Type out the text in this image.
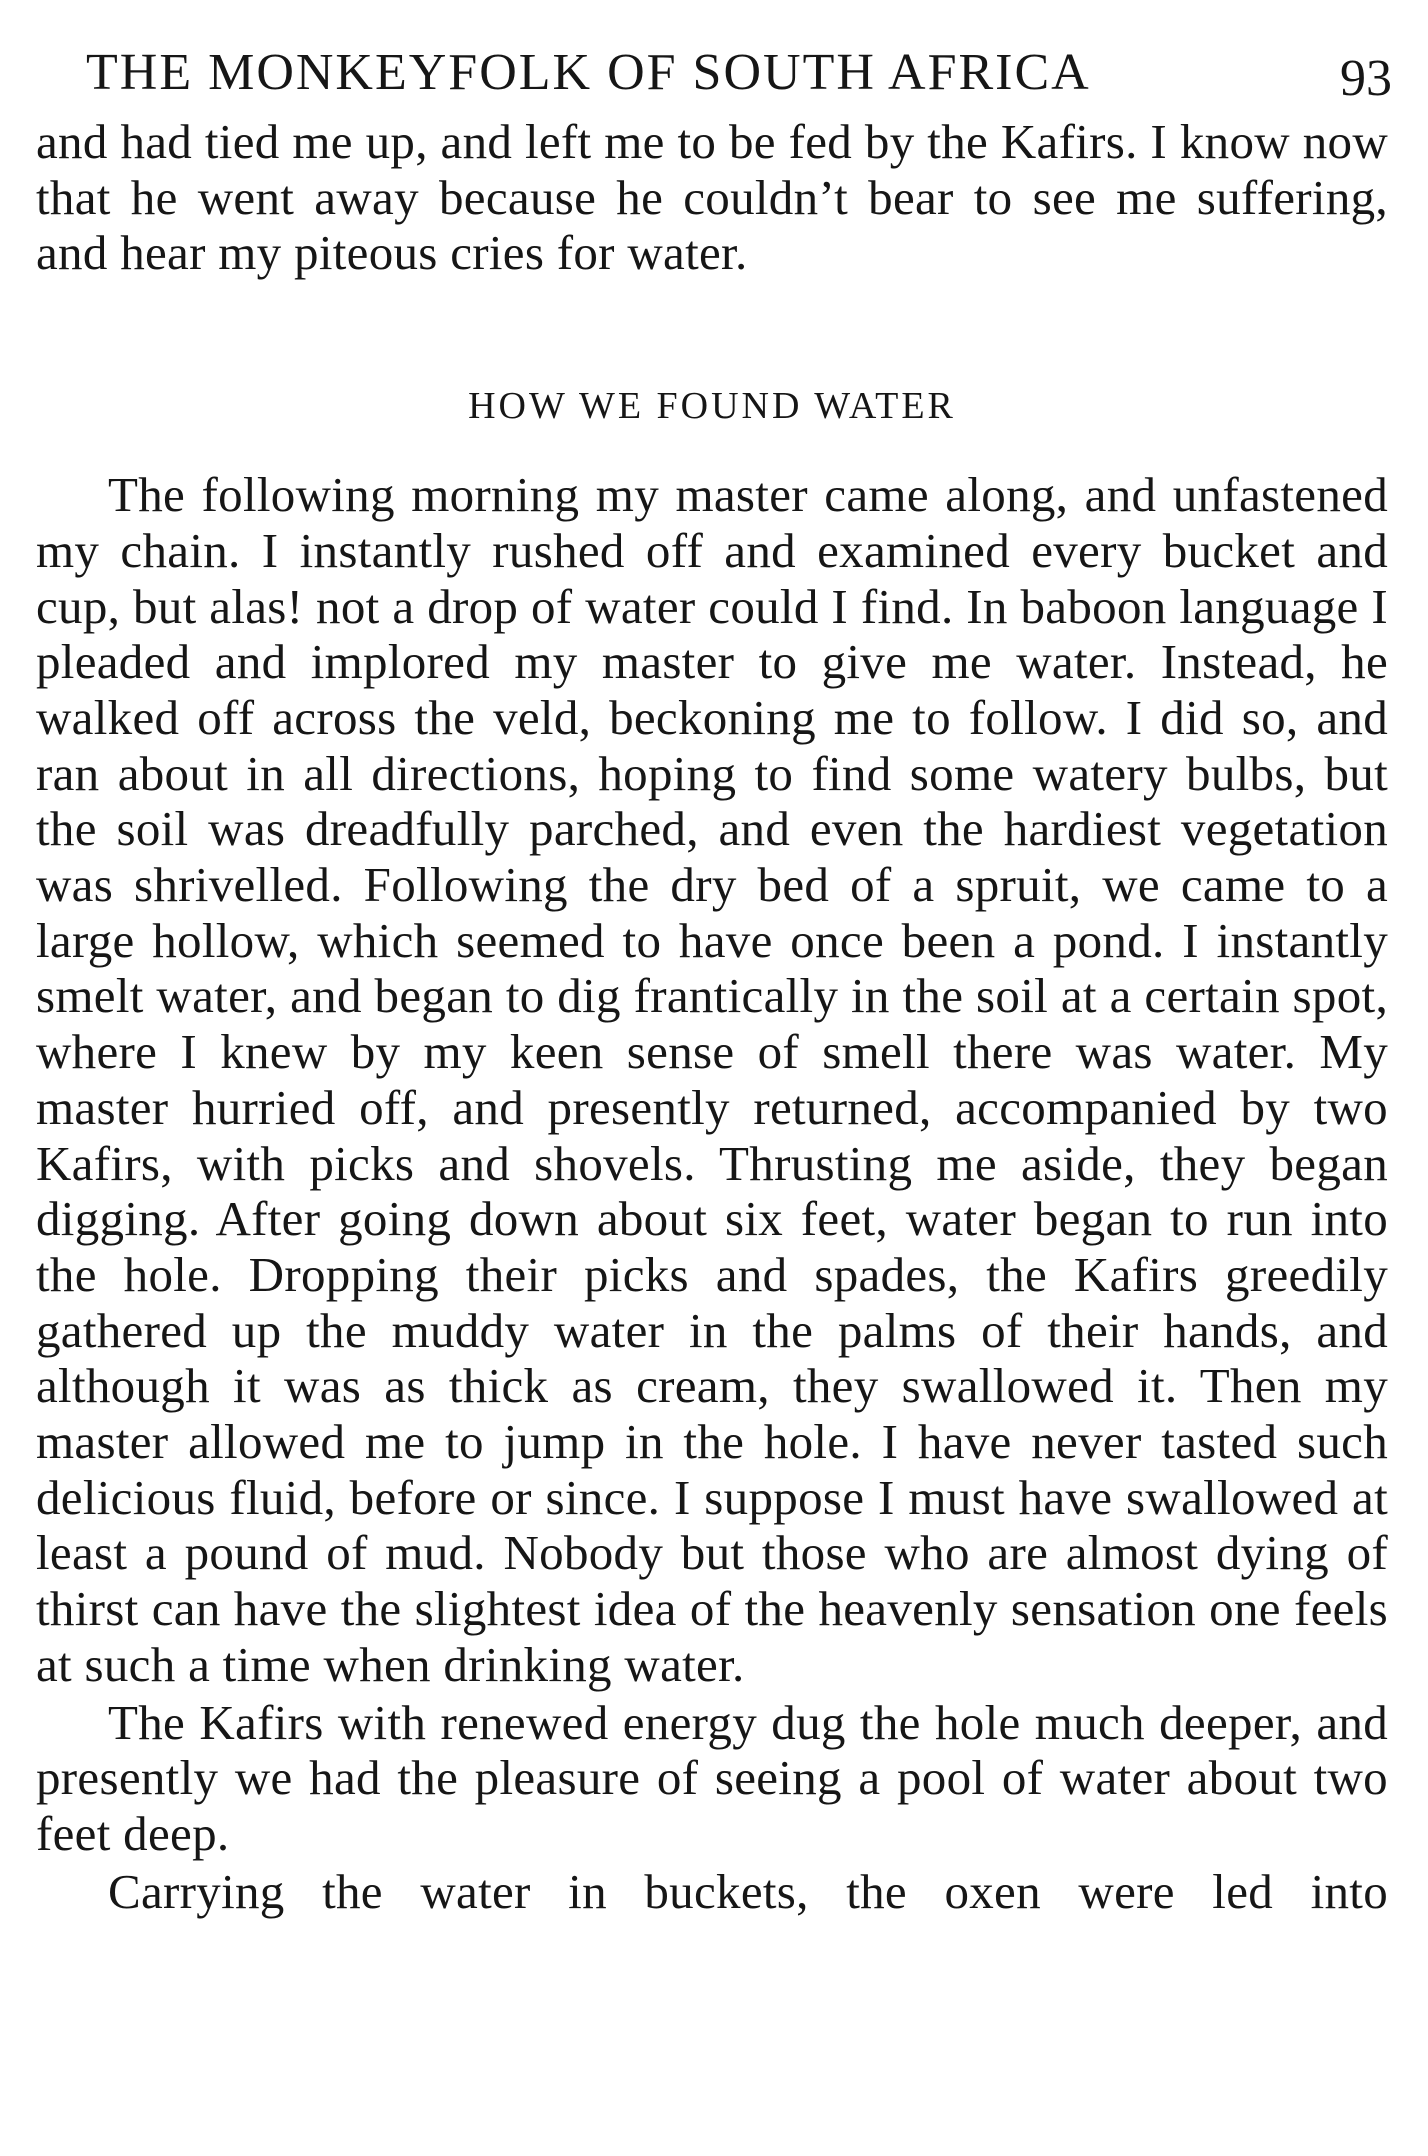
THE MONKEYFOLK OF SOUTH AFRICA	93

and had tied me up, and left me to be fed by the Kafirs. I know now that he went away because he couldn’t bear to see me suffering, and hear my piteous cries for water.

HOW WE FOUND WATER

The following morning my master came along, and unfastened my chain. I instantly rushed off and examined every bucket and cup, but alas! not a drop of water could I find. In baboon language I pleaded and implored my master to give me water. Instead, he walked off across the veld, beckoning me to follow. I did so, and ran about in all directions, hoping to find some watery bulbs, but the soil was dreadfully parched, and even the hardiest vegetation was shrivelled. Following the dry bed of a spruit, we came to a large hollow, which seemed to have once been a pond. I instantly smelt water, and began to dig frantically in the soil at a certain spot, where I knew by my keen sense of smell there was water. My master hurried off, and presently returned, accompanied by two Kafirs, with picks and shovels. Thrusting me aside, they began digging. After going down about six feet, water began to run into the hole. Dropping their picks and spades, the Kafirs greedily gathered up the muddy water in the palms of their hands, and although it was as thick as cream, they swallowed it. Then my master allowed me to jump in the hole. I have never tasted such delicious fluid, before or since. I suppose I must have swallowed at least a pound of mud. Nobody but those who are almost dying of thirst can have the slightest idea of the heavenly sensation one feels at such a time when drinking water.

The Kafirs with renewed energy dug the hole much deeper, and presently we had the pleasure of seeing a pool of water about two feet deep.

Carrying the water in buckets, the oxen were led into
